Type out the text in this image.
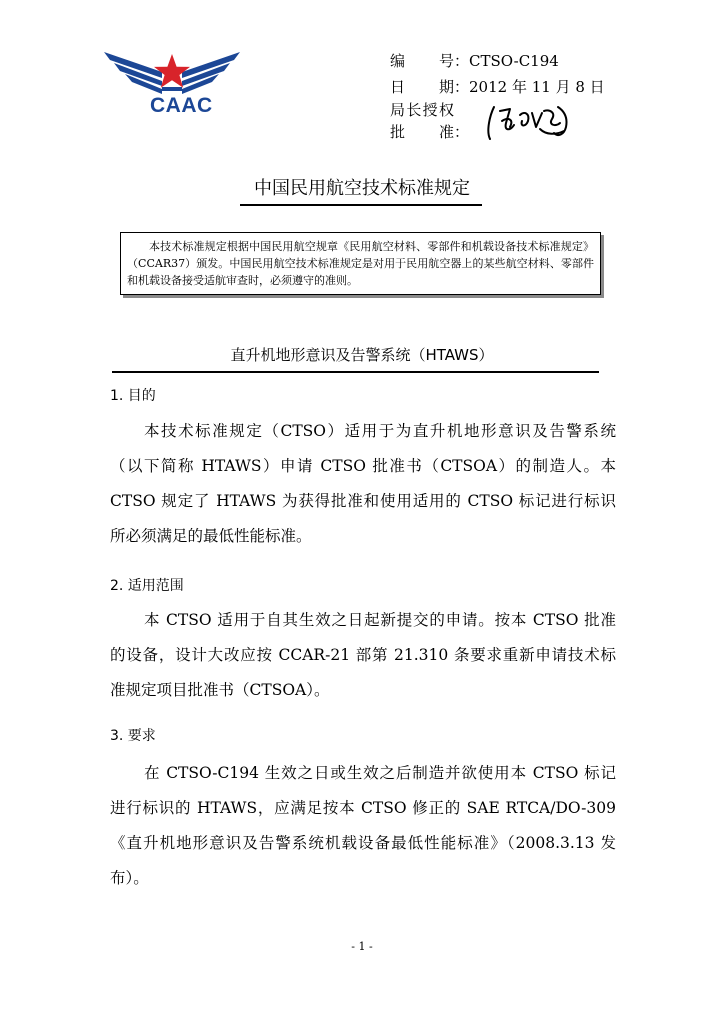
CAAC
编号：CTSO-C194
日期：2012 年 11 月 8 日
局长授权
批准：
中国民用航空技术标准规定
本技术标准规定根据中国民用航空规章《民用航空材料、零部件和机载设备技术标准规定》（CCAR37）颁发。中国民用航空技术标准规定是对用于民用航空器上的某些航空材料、零部件和机载设备接受适航审查时，必须遵守的准则。
直升机地形意识及告警系统（HTAWS）
1. 目的
本技术标准规定（CTSO）适用于为直升机地形意识及告警系统
（以下简称 HTAWS）申请 CTSO 批准书（CTSOA）的制造人。本
CTSO 规定了 HTAWS 为获得批准和使用适用的 CTSO 标记进行标识
所必须满足的最低性能标准。
2. 适用范围
本 CTSO 适用于自其生效之日起新提交的申请。按本 CTSO 批准
的设备，设计大改应按 CCAR-21 部第 21.310 条要求重新申请技术标
准规定项目批准书（CTSOA）。
3. 要求
在 CTSO-C194 生效之日或生效之后制造并欲使用本 CTSO 标记
进行标识的 HTAWS，应满足按本 CTSO 修正的 SAE RTCA/DO-309
《直升机地形意识及告警系统机载设备最低性能标准》（2008.3.13 发
布）。
- 1 -
